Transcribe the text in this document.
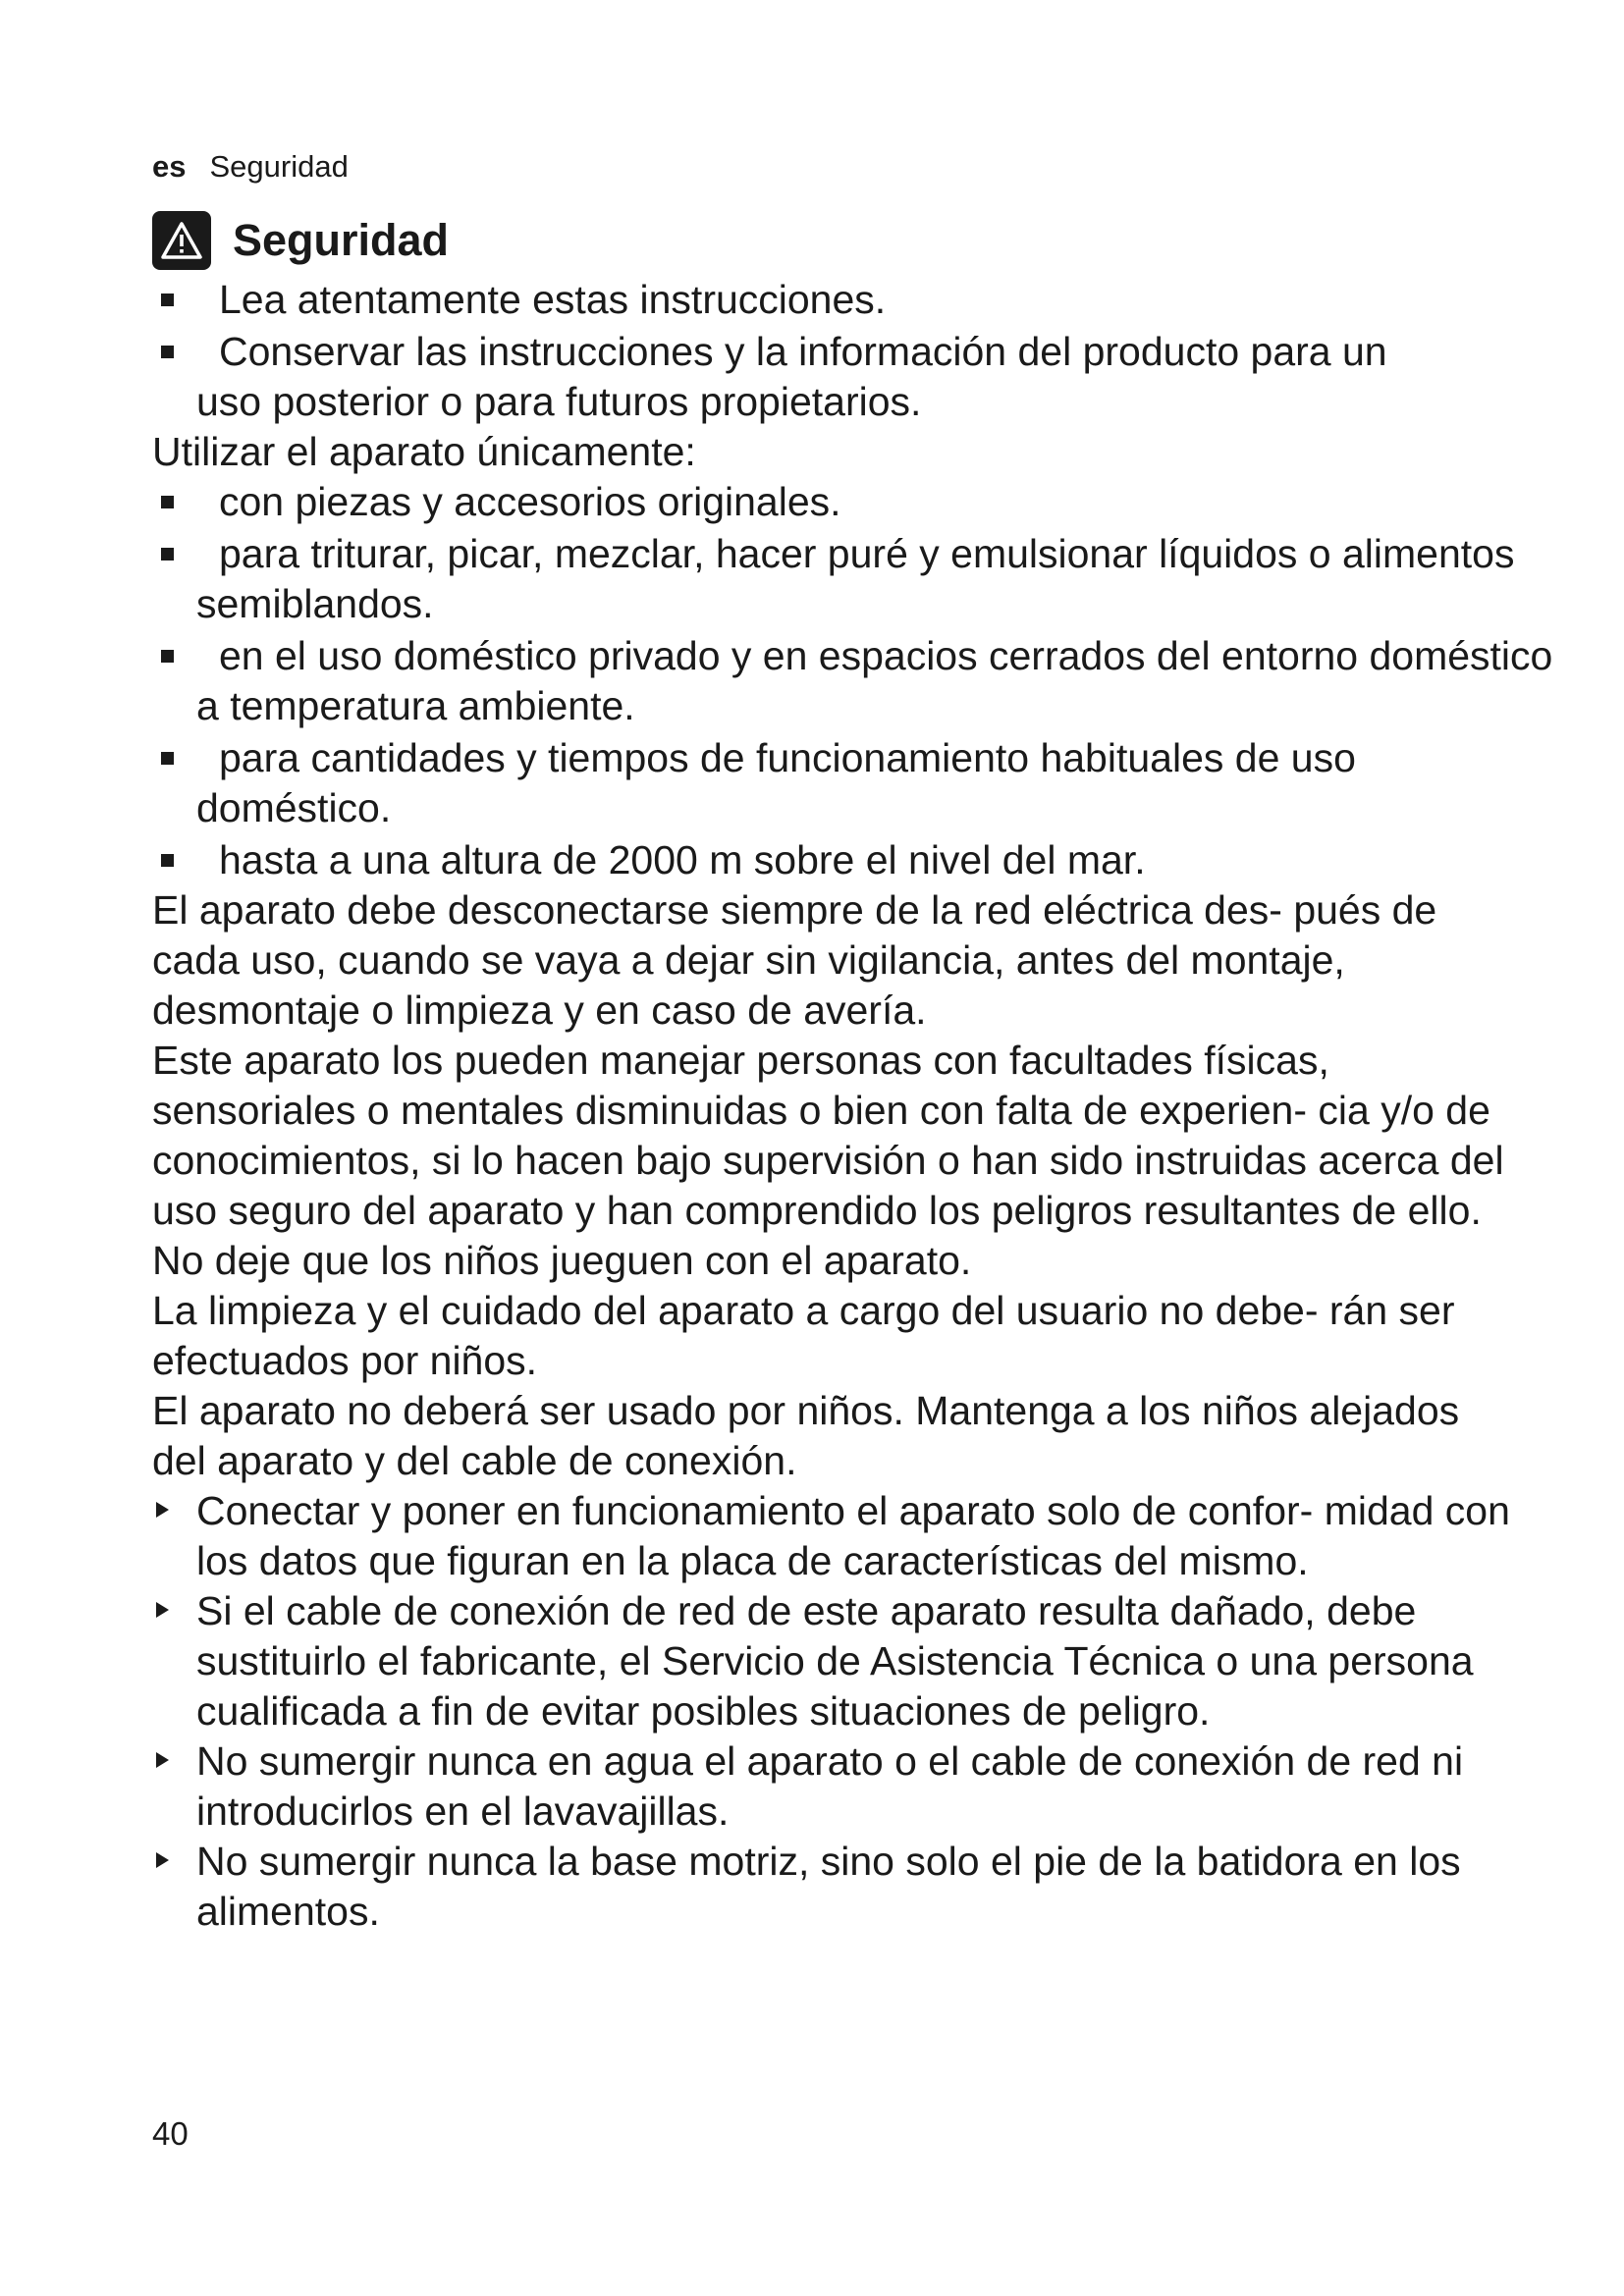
es Seguridad
Seguridad
Lea atentamente estas instrucciones.
Conservar las instrucciones y la información del producto para un uso posterior o para futuros propietarios.

Utilizar el aparato únicamente:

con piezas y accesorios originales.
para triturar, picar, mezclar, hacer puré y emulsionar líquidos o alimentos semiblandos.
en el uso doméstico privado y en espacios cerrados del entorno doméstico a temperatura ambiente.
para cantidades y tiempos de funcionamiento habituales de uso doméstico.
hasta a una altura de 2000 m sobre el nivel del mar.

El aparato debe desconectarse siempre de la red eléctrica des- pués de cada uso, cuando se vaya a dejar sin vigilancia, antes del montaje, desmontaje o limpieza y en caso de avería.

Este aparato los pueden manejar personas con facultades físicas, sensoriales o mentales disminuidas o bien con falta de experien- cia y/o de conocimientos, si lo hacen bajo supervisión o han sido instruidas acerca del uso seguro del aparato y han comprendido los peligros resultantes de ello.

No deje que los niños jueguen con el aparato.

La limpieza y el cuidado del aparato a cargo del usuario no debe- rán ser efectuados por niños.

El aparato no deberá ser usado por niños. Mantenga a los niños alejados del aparato y del cable de conexión.

Conectar y poner en funcionamiento el aparato solo de confor- midad con los datos que figuran en la placa de características del mismo.
Si el cable de conexión de red de este aparato resulta dañado, debe sustituirlo el fabricante, el Servicio de Asistencia Técnica o una persona cualificada a fin de evitar posibles situaciones de peligro.
No sumergir nunca en agua el aparato o el cable de conexión de red ni introducirlos en el lavavajillas.
No sumergir nunca la base motriz, sino solo el pie de la batidora en los alimentos.
40
